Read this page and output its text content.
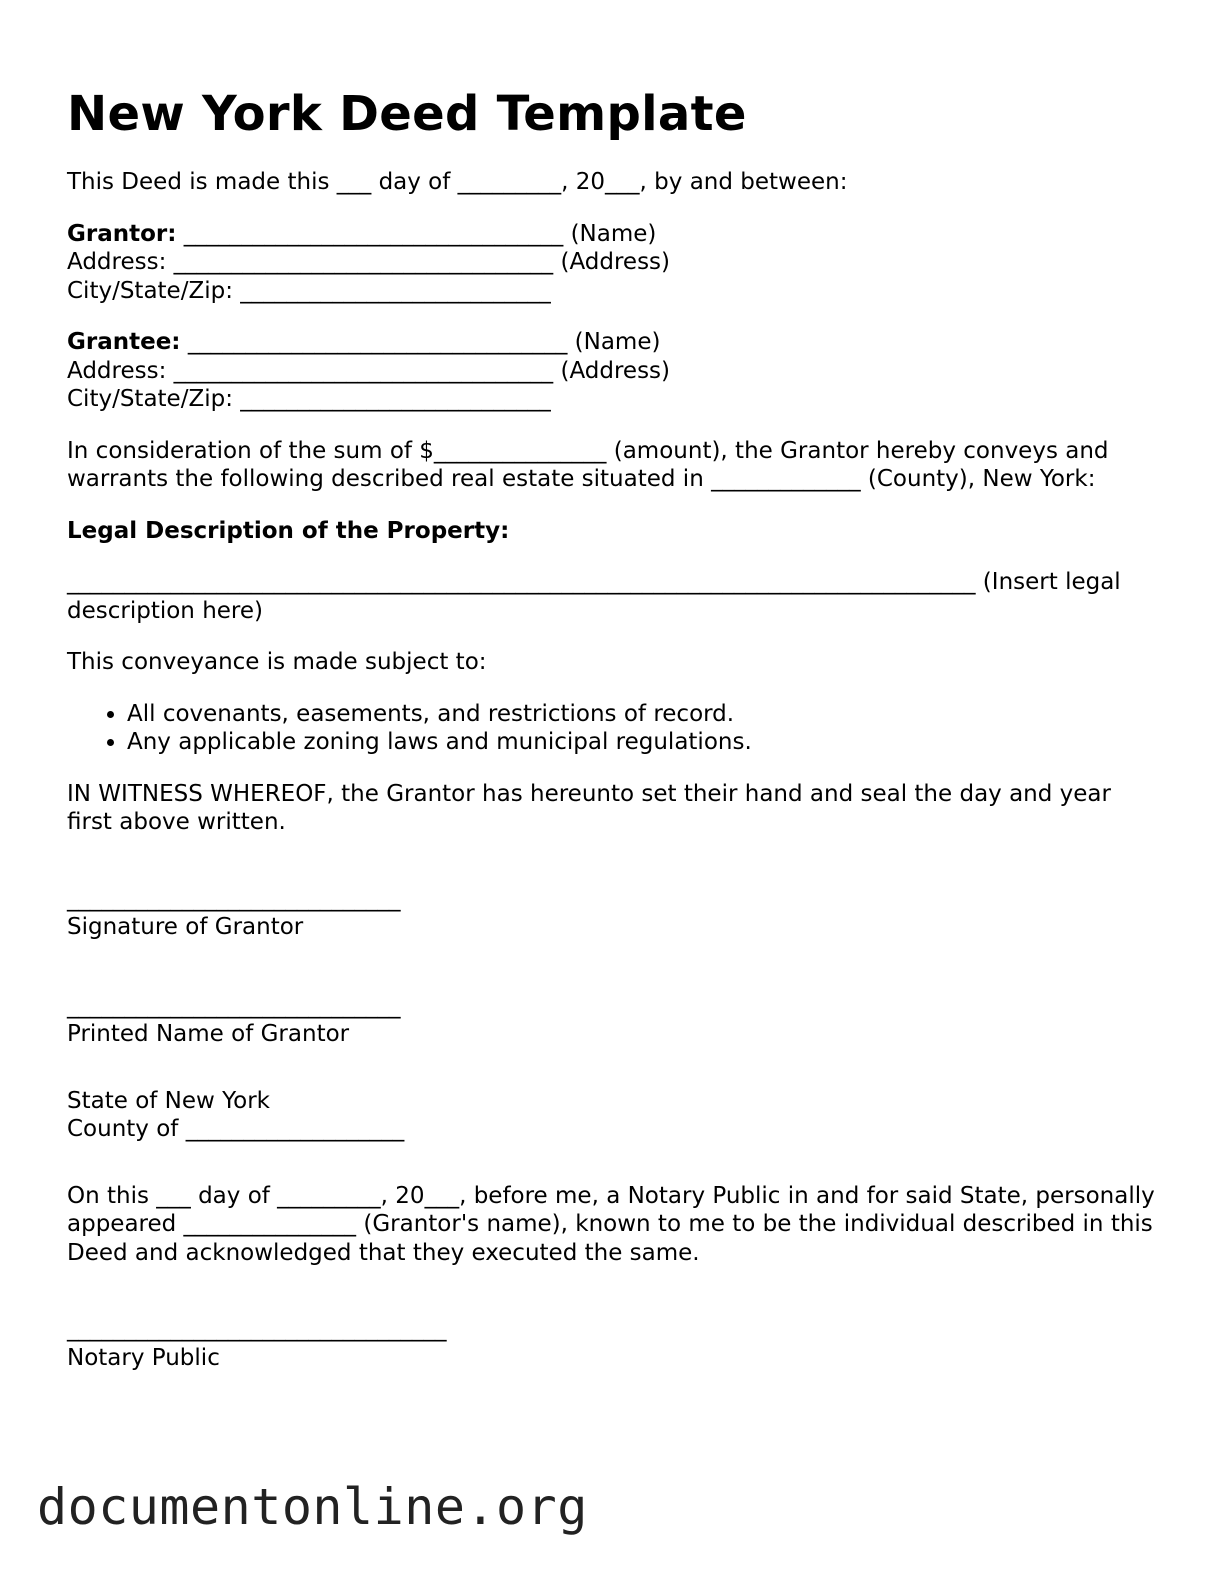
New York Deed Template

This Deed is made this ___ day of _________, 20___, by and between:

Grantor: _________________________________ (Name)
Address: _________________________________ (Address)
City/State/Zip: ___________________________
Grantee: _________________________________ (Name)
Address: _________________________________ (Address)
City/State/Zip: ___________________________

In consideration of the sum of $_______________ (amount), the Grantor hereby conveys and warrants the following described real estate situated in _____________ (County), New York:

Legal Description of the Property:

_______________________________________________________________________________ (Insert legal description here)

This conveyance is made subject to:

• All covenants, easements, and restrictions of record.
• Any applicable zoning laws and municipal regulations.

IN WITNESS WHEREOF, the Grantor has hereunto set their hand and seal the day and year first above written.

_____________________________
Signature of Grantor
_____________________________
Printed Name of Grantor
State of New York
County of ___________________

On this ___ day of _________, 20___, before me, a Notary Public in and for said State, personally appeared _______________ (Grantor's name), known to me to be the individual described in this Deed and acknowledged that they executed the same.

_________________________________
Notary Public
documentonline.org
